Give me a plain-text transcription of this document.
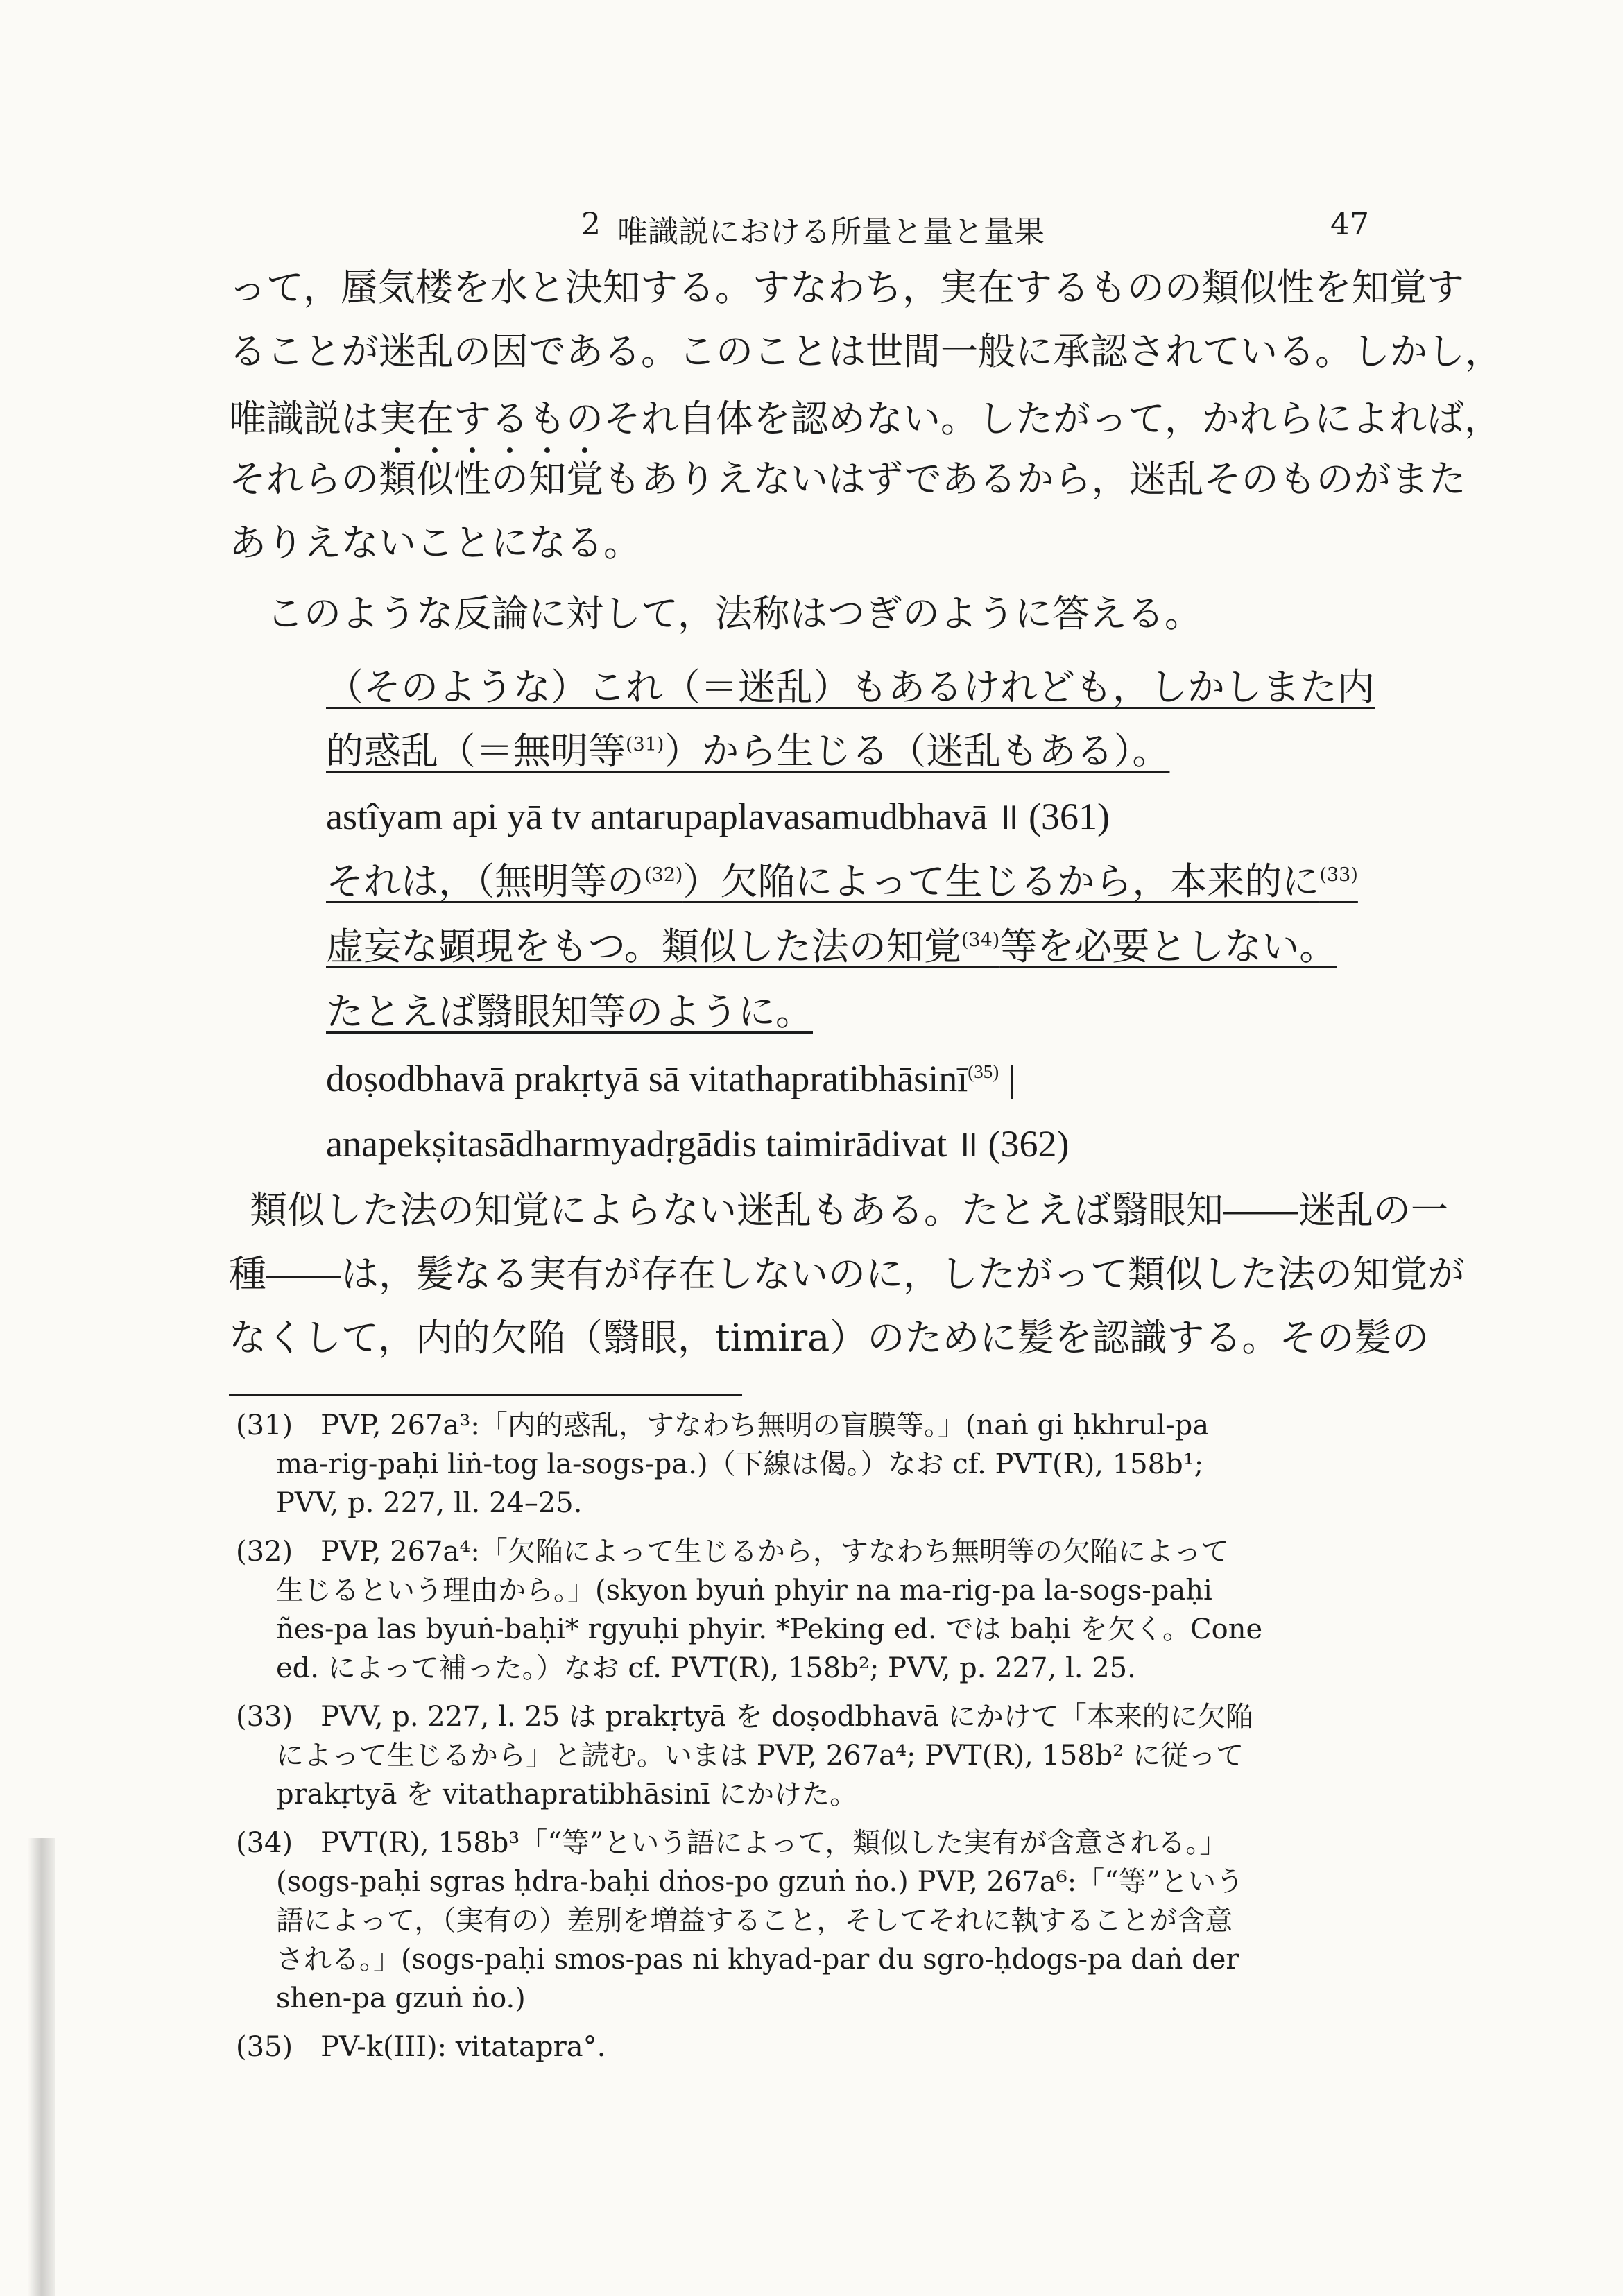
2 唯識説における所量と量と量果	47
って，蜃気楼を水と決知する。すなわち，実在するものの類似性を知覚す
ることが迷乱の因である。このことは世間一般に承認されている。しかし，
唯識説は実在するものそれ自体を認めない。したがって，かれらによれば，
それらの類似性の知覚もありえないはずであるから，迷乱そのものがまた
ありえないことになる。
このような反論に対して，法称はつぎのように答える。
（そのような）これ（＝迷乱）もあるけれども，しかしまた内
的惑乱（＝無明等$^{(31)}$）から生じる（迷乱もある）。
astîyam api yā tv antarupaplavasamudbhavā ॥ (361)
それは，（無明等の$^{(32)}$）欠陥によって生じるから，本来的に$^{(33)}$
虚妄な顕現をもつ。類似した法の知覚$^{(34)}$等を必要としない。
たとえば翳眼知等のように。
doṣodbhavā prakṛtyā sā vitathapratibhāsinī$^{(35)}$ |
anapekṣitasādharmyadṛgādis taimirādivat ॥ (362)
類似した法の知覚によらない迷乱もある。たとえば翳眼知――迷乱の一
種――は，髪なる実有が存在しないのに，したがって類似した法の知覚が
なくして，内的欠陥（翳眼，timira）のために髪を認識する。その髪の
(31)　PVP, 267a³:「内的惑乱，すなわち無明の盲膜等。」(naṅ gi ḥkhrul-pa
ma-rig-paḥi liṅ-tog la-sogs-pa.)（下線は偈。）なお cf. PVT(R), 158b¹;
PVV, p. 227, ll. 24–25.
(32)　PVP, 267a⁴:「欠陥によって生じるから，すなわち無明等の欠陥によって
生じるという理由から。」(skyon byuṅ phyir na ma-rig-pa la-sogs-paḥi
ñes-pa las byuṅ-baḥi* rgyuḥi phyir. *Peking ed. では baḥi を欠く。Cone
ed. によって補った。）なお cf. PVT(R), 158b²; PVV, p. 227, l. 25.
(33)　PVV, p. 227, l. 25 は prakṛtyā を doṣodbhavā にかけて「本来的に欠陥
によって生じるから」と読む。いまは PVP, 267a⁴; PVT(R), 158b² に従って
prakṛtyā を vitathapratibhāsinī にかけた。
(34)　PVT(R), 158b³「“等”という語によって，類似した実有が含意される。」
(sogs-paḥi sgras ḥdra-baḥi dṅos-po gzuṅ ṅo.) PVP, 267a⁶:「“等”という
語によって，（実有の）差別を増益すること，そしてそれに執することが含意
される。」(sogs-paḥi smos-pas ni khyad-par du sgro-ḥdogs-pa daṅ der
shen-pa gzuṅ ṅo.)
(35)　PV-k(III): vitatapra°.
